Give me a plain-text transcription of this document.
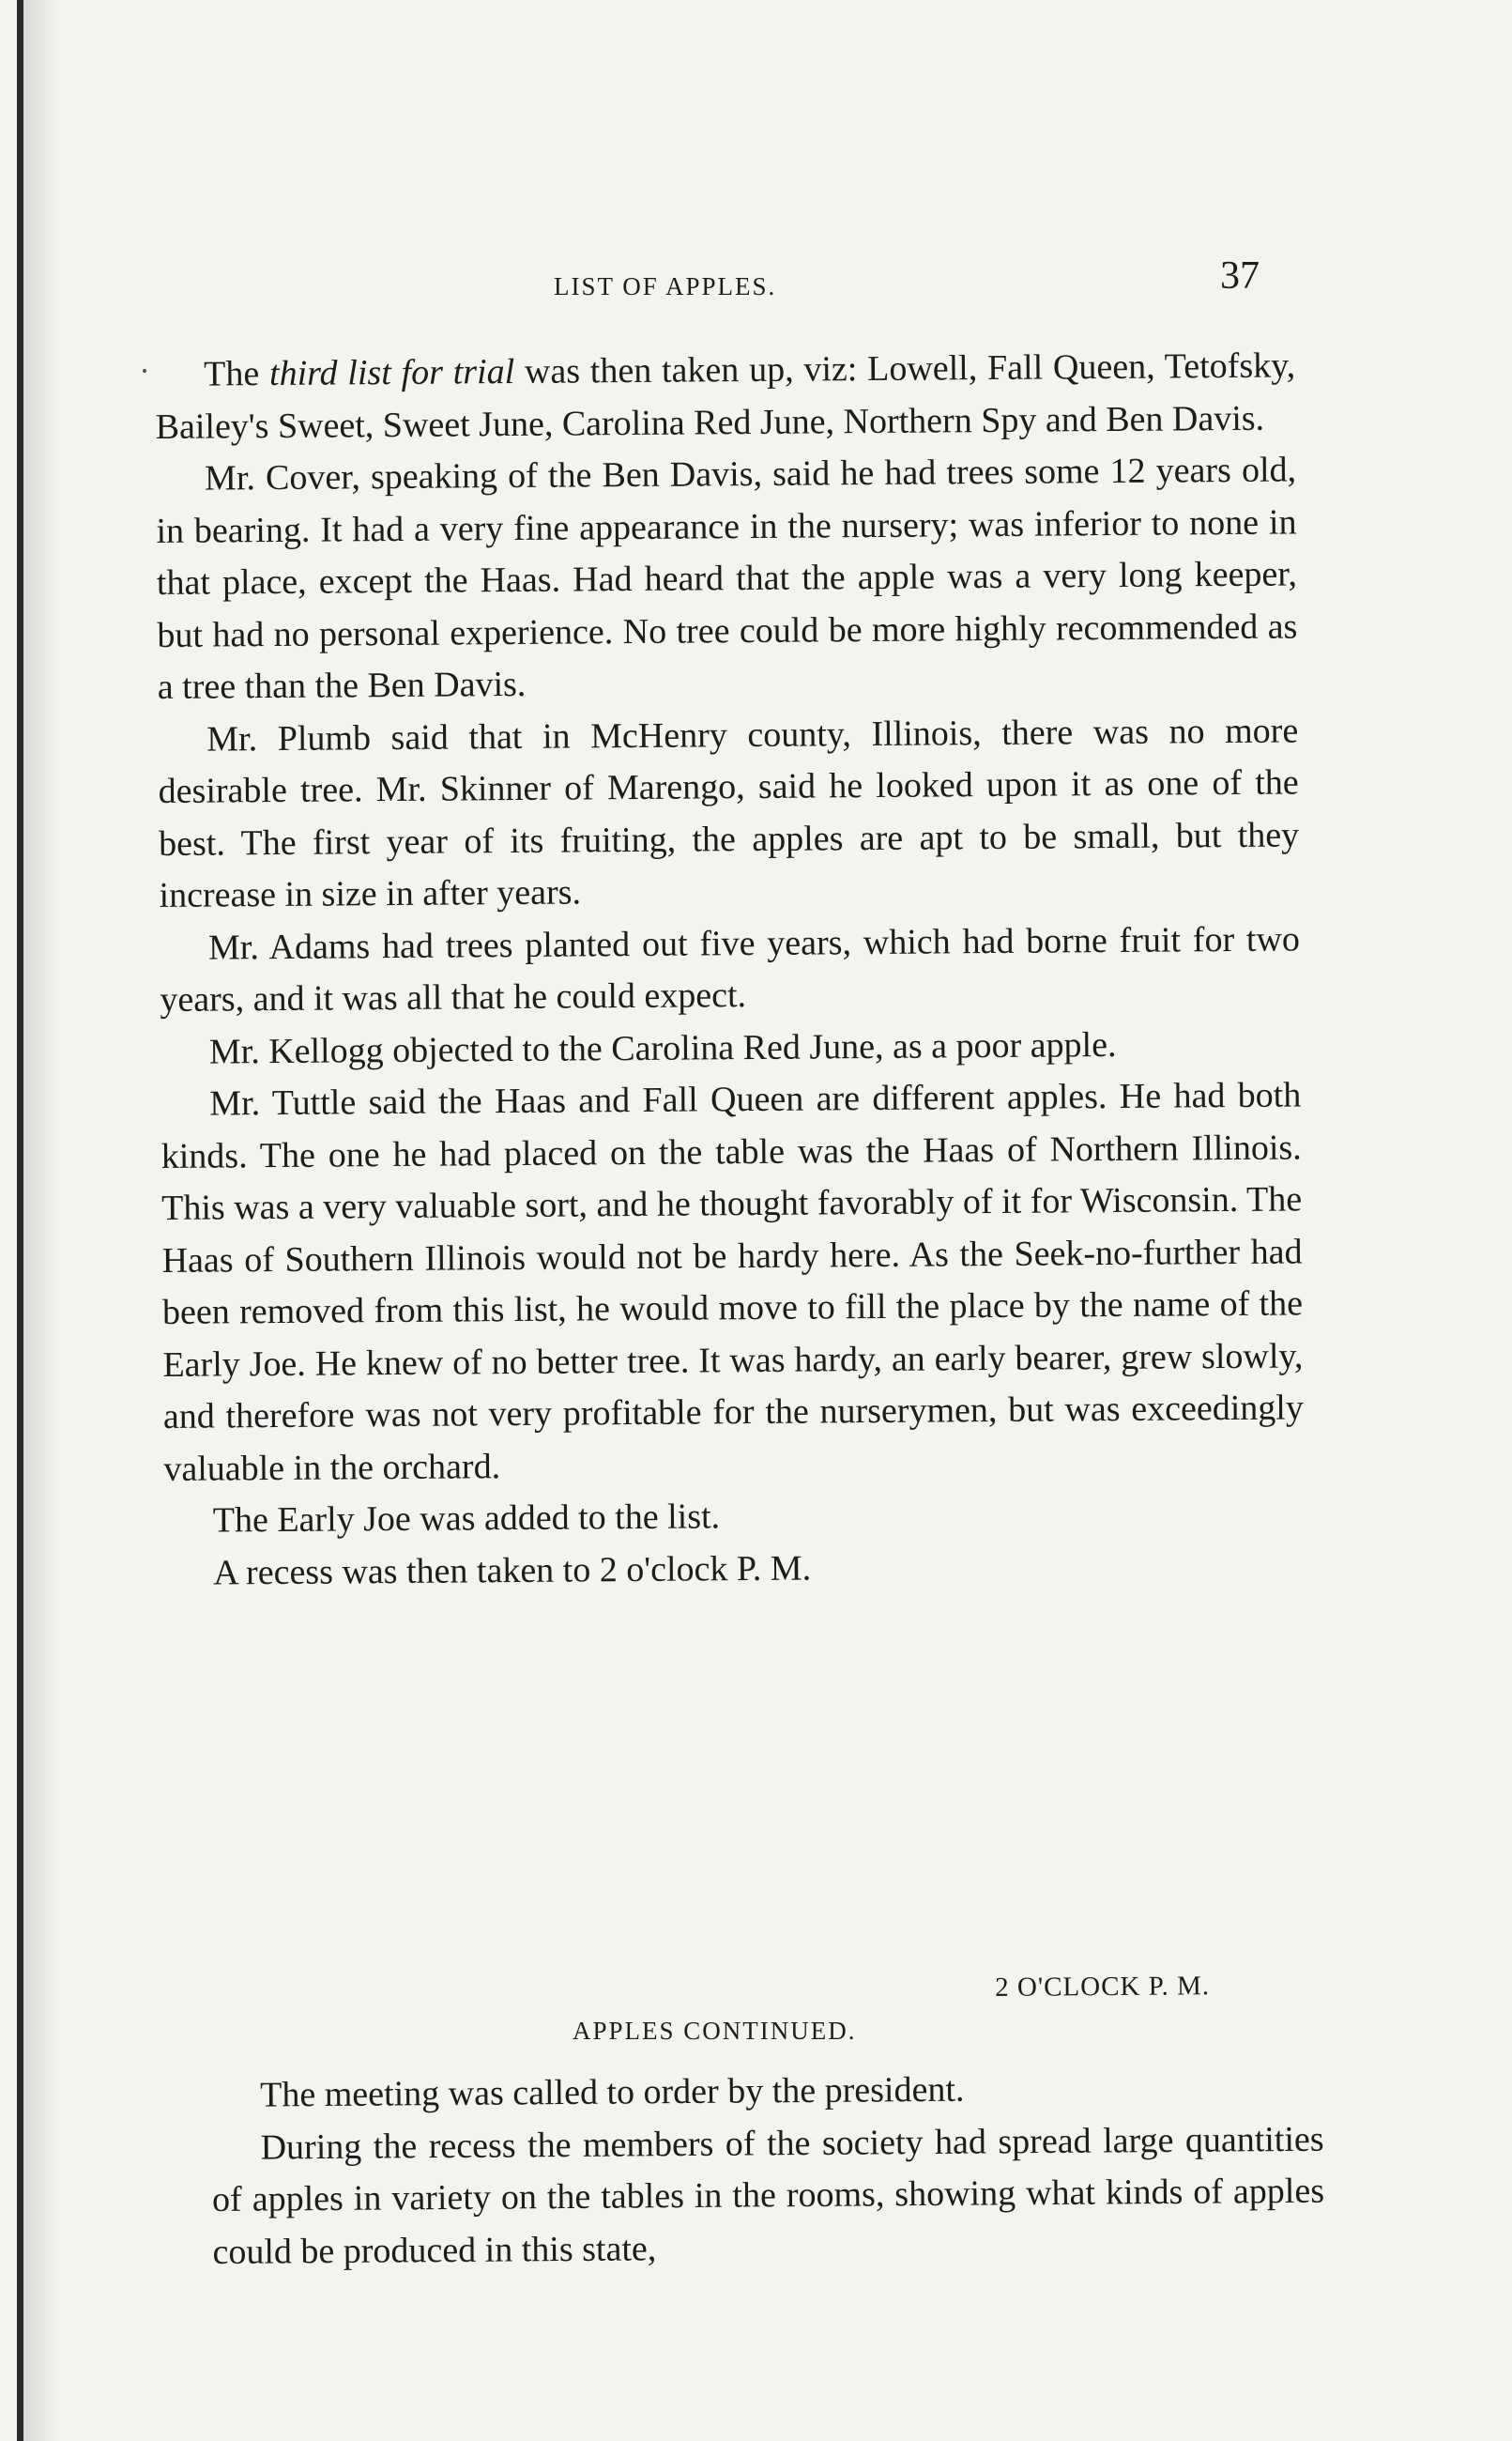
LIST OF APPLES.	37

The third list for trial was then taken up, viz: Lowell, Fall Queen, Tetofsky, Bailey's Sweet, Sweet June, Carolina Red June, Northern Spy and Ben Davis.

Mr. Cover, speaking of the Ben Davis, said he had trees some 12 years old, in bearing. It had a very fine appearance in the nursery; was inferior to none in that place, except the Haas. Had heard that the apple was a very long keeper, but had no personal experience. No tree could be more highly recommended as a tree than the Ben Davis.

Mr. Plumb said that in McHenry county, Illinois, there was no more desirable tree. Mr. Skinner of Marengo, said he looked upon it as one of the best. The first year of its fruiting, the apples are apt to be small, but they increase in size in after years.

Mr. Adams had trees planted out five years, which had borne fruit for two years, and it was all that he could expect.

Mr. Kellogg objected to the Carolina Red June, as a poor apple.

Mr. Tuttle said the Haas and Fall Queen are different apples. He had both kinds. The one he had placed on the table was the Haas of Northern Illinois. This was a very valuable sort, and he thought favorably of it for Wisconsin. The Haas of Southern Illinois would not be hardy here. As the Seek-no-further had been removed from this list, he would move to fill the place by the name of the Early Joe. He knew of no better tree. It was hardy, an early bearer, grew slowly, and therefore was not very profitable for the nurserymen, but was exceedingly valuable in the orchard.

The Early Joe was added to the list.

A recess was then taken to 2 o'clock P. M.

2 O'CLOCK P. M.

APPLES CONTINUED.

The meeting was called to order by the president.

During the recess the members of the society had spread large quantities of apples in variety on the tables in the rooms, showing what kinds of apples could be produced in this state,
